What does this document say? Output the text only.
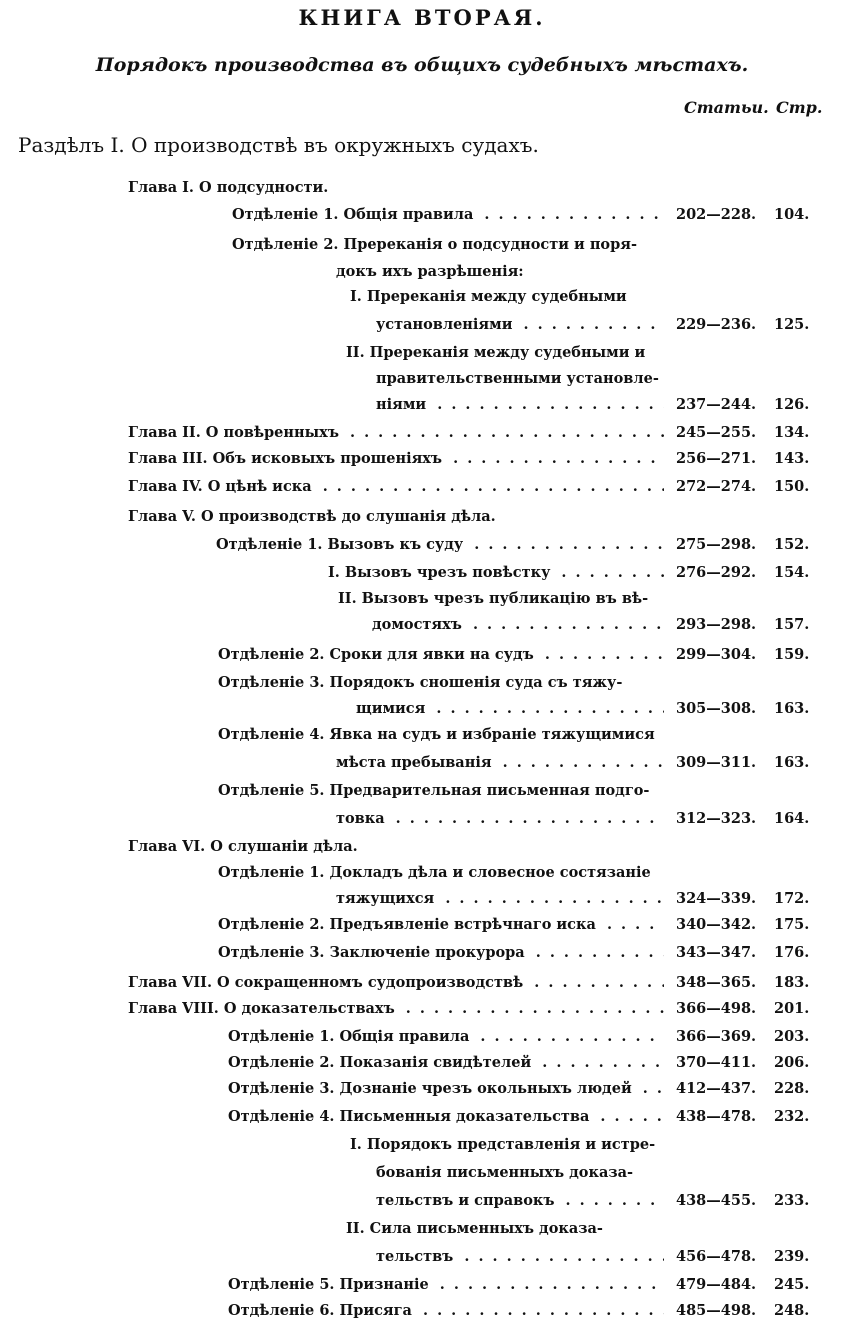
КНИГА ВТОРАЯ.
Порядокъ производства въ общихъ судебныхъ мѣстахъ.
Статьи. Стр.
Раздѣлъ I. О производствѣ въ окружныхъ судахъ.
Глава I. О подсудности.
Отдѣленіе 1. Общія правила . . .	202—228.	104.
Отдѣленіе 2. Пререканія о подсудности и поря-
докъ ихъ разрѣшенія:
I. Пререканія между судебными
установленіями . . .	229—236.	125.
II. Пререканія между судебными и
правительственными установле-
ніями . . .	237—244.	126.
Глава II. О повѣренныхъ . . .	245—255.	134.
Глава III. Объ исковыхъ прошеніяхъ . . .	256—271.	143.
Глава IV. О цѣнѣ иска . . .	272—274.	150.
Глава V. О производствѣ до слушанія дѣла.
Отдѣленіе 1. Вызовъ къ суду . . .	275—298.	152.
I. Вызовъ чрезъ повѣстку . . .	276—292.	154.
II. Вызовъ чрезъ публикацію въ вѣ-
домостяхъ . . .	293—298.	157.
Отдѣленіе 2. Сроки для явки на судъ . . .	299—304.	159.
Отдѣленіе 3. Порядокъ сношенія суда съ тяжу-
щимися . . .	305—308.	163.
Отдѣленіе 4. Явка на судъ и избраніе тяжущимися
мѣста пребыванія . . .	309—311.	163.
Отдѣленіе 5. Предварительная письменная подго-
товка . . .	312—323.	164.
Глава VI. О слушаніи дѣла.
Отдѣленіе 1. Докладъ дѣла и словесное состязаніе
тяжущихся . . .	324—339.	172.
Отдѣленіе 2. Предъявленіе встрѣчнаго иска . . .	340—342.	175.
Отдѣленіе 3. Заключеніе прокурора . . .	343—347.	176.
Глава VII. О сокращенномъ судопроизводствѣ . . .	348—365.	183.
Глава VIII. О доказательствахъ . . .	366—498.	201.
Отдѣленіе 1. Общія правила . . .	366—369.	203.
Отдѣленіе 2. Показанія свидѣтелей . . .	370—411.	206.
Отдѣленіе 3. Дознаніе чрезъ окольныхъ людей . . .	412—437.	228.
Отдѣленіе 4. Письменныя доказательства . . .	438—478.	232.
I. Порядокъ представленія и истре-
бованія письменныхъ доказа-
тельствъ и справокъ . . .	438—455.	233.
II. Сила письменныхъ доказа-
тельствъ . . .	456—478.	239.
Отдѣленіе 5. Признаніе . . .	479—484.	245.
Отдѣленіе 6. Присяга . . .	485—498.	248.
